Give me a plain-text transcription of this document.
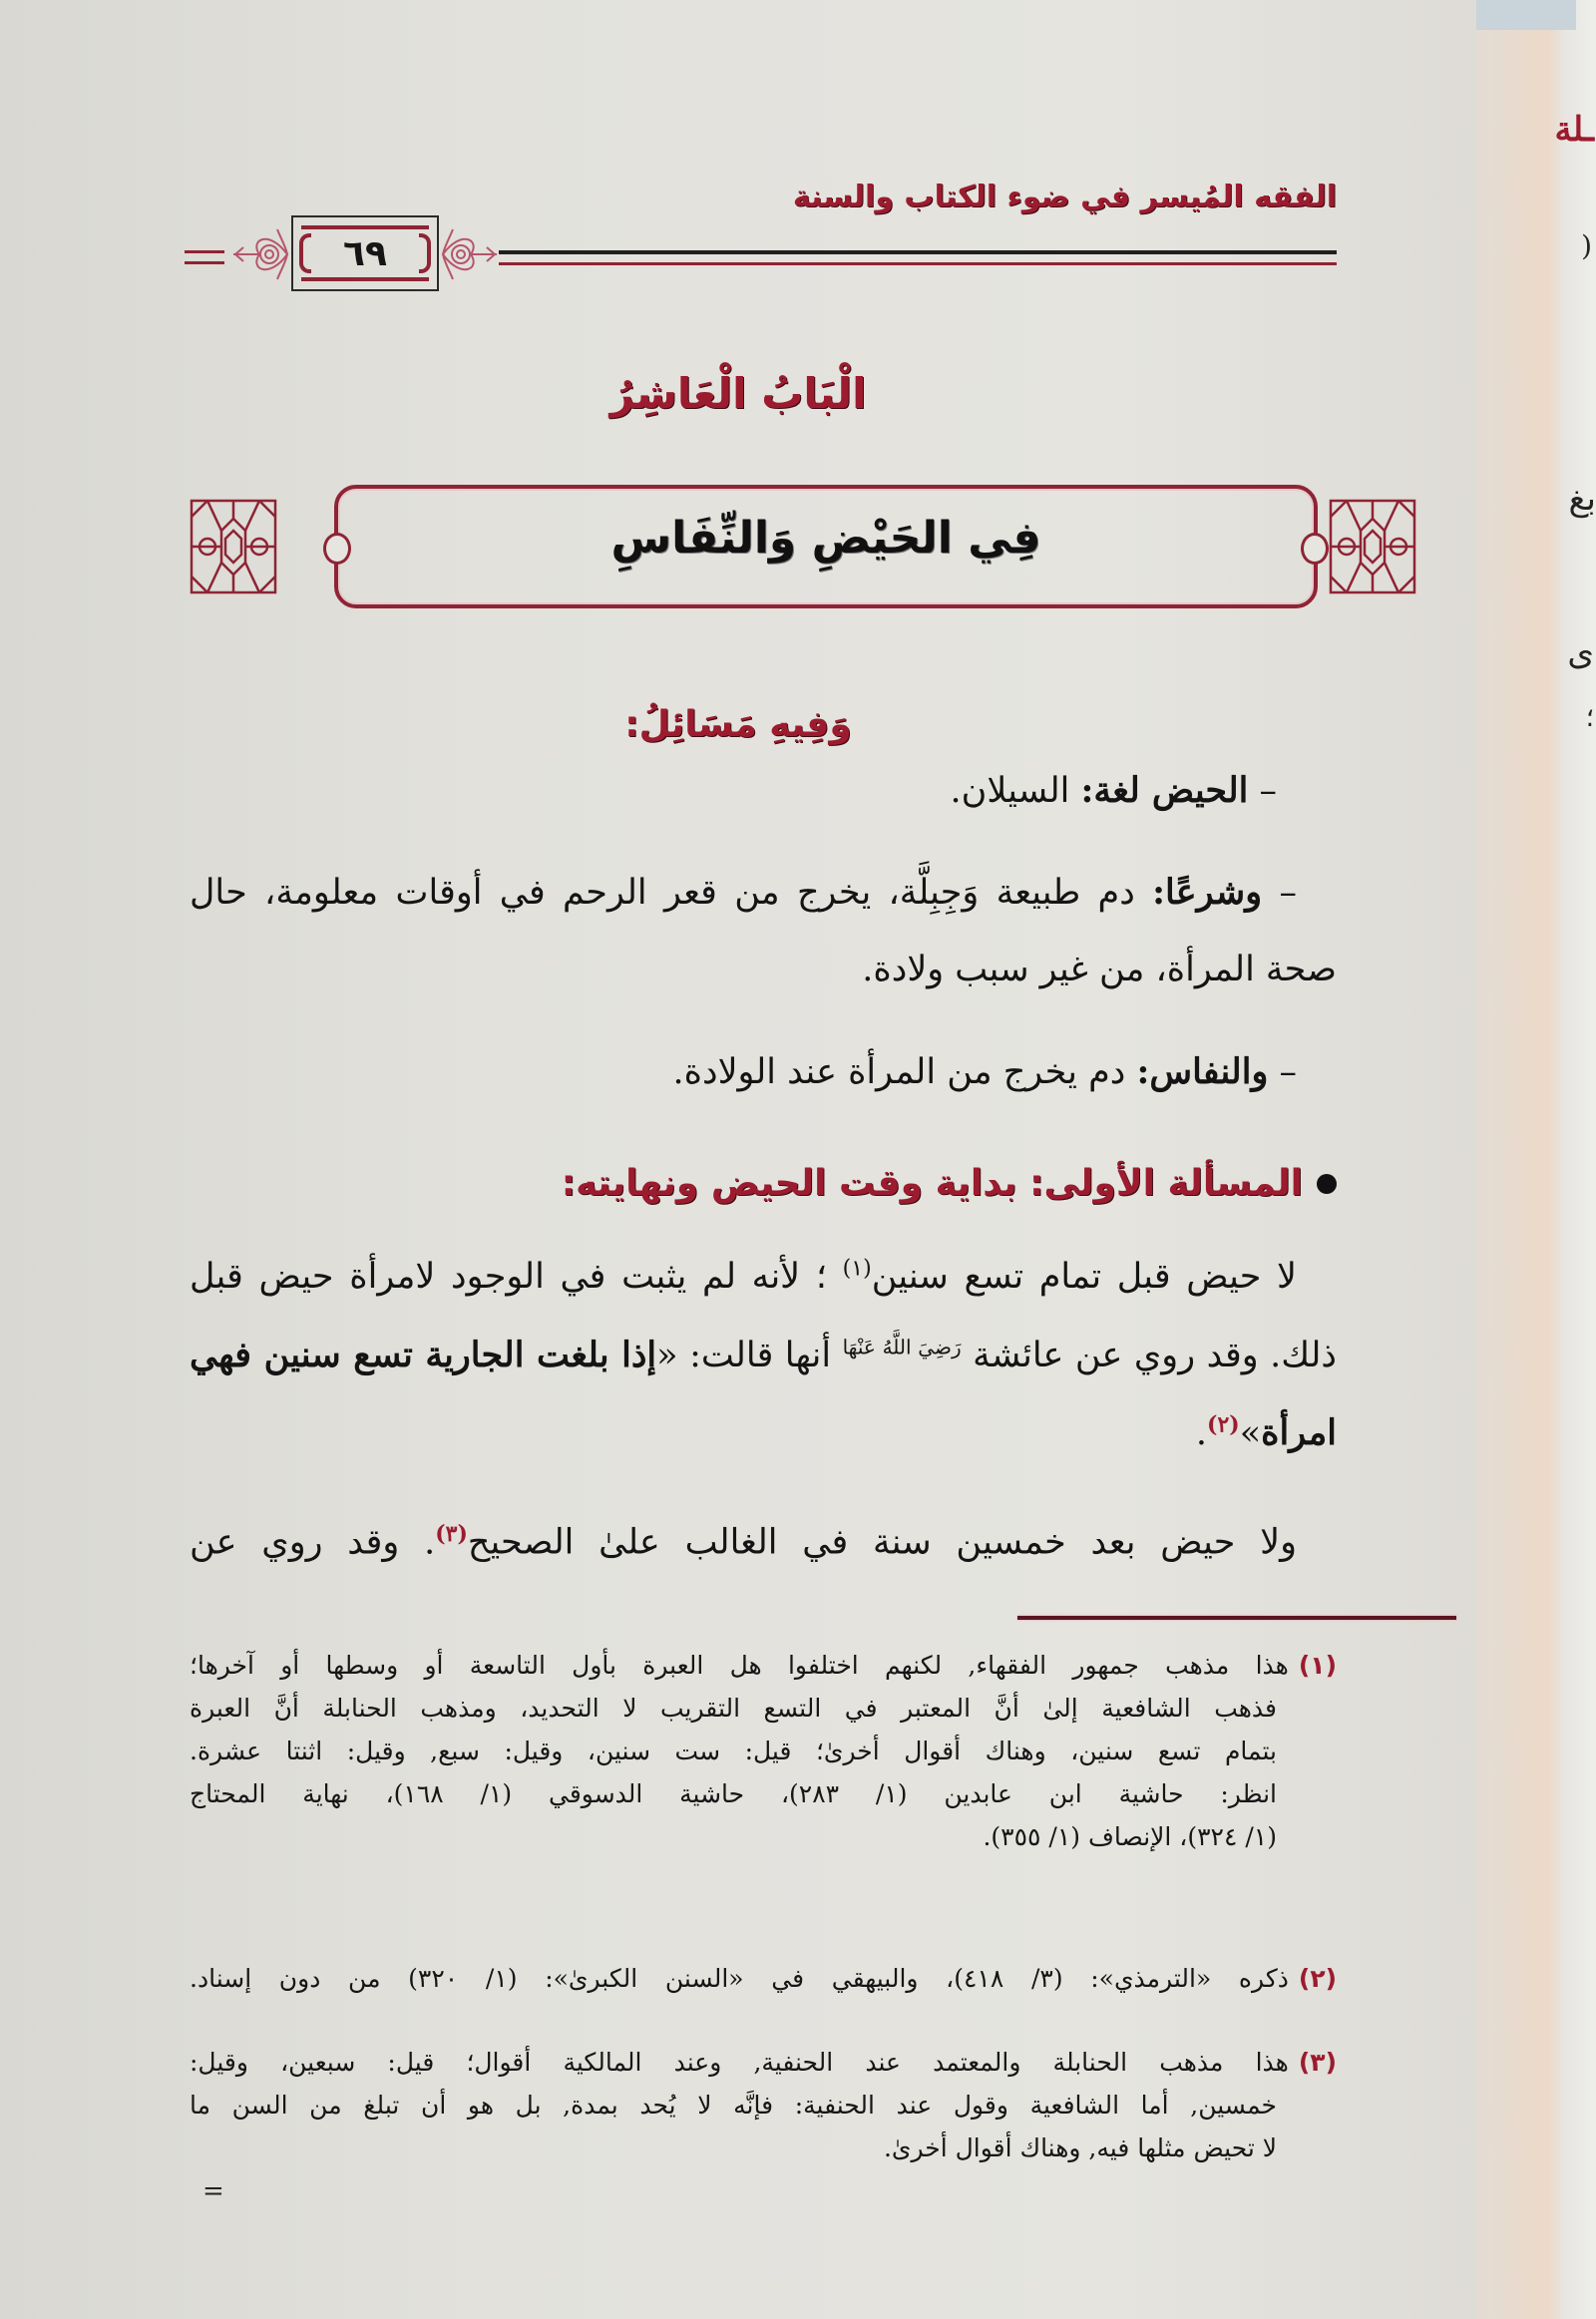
ـلة
(
بغ
ى
؛
الفقه المُيسر في ضوء الكتاب والسنة
٦٩
الْبَابُ الْعَاشِرُ
فِي الحَيْضِ وَالنِّفَاسِ
وَفِيهِ مَسَائِلُ:
– الحيض لغة: السيلان.
– وشرعًا: دم طبيعة وَجِبِلَّة، يخرج من قعر الرحم في أوقات معلومة، حال
صحة المرأة، من غير سبب ولادة.
– والنفاس: دم يخرج من المرأة عند الولادة.
المسألة الأولى: بداية وقت الحيض ونهايته:
لا حيض قبل تمام تسع سنين$^{(١)}$ ؛ لأنه لم يثبت في الوجود لامرأة حيض قبل
ذلك. وقد روي عن عائشة $^{رَضِيَ اللَّهُ عَنْهَا}$ أنها قالت: «إذا بلغت الجارية تسع سنين فهي
امرأة»$^{(٢)}$.
ولا حيض بعد خمسين سنة في الغالب علىٰ الصحيح$^{(٣)}$. وقد روي عن
(١)هذا مذهب جمهور الفقهاء, لكنهم اختلفوا هل العبرة بأول التاسعة أو وسطها أو آخرها؛
فذهب الشافعية إلىٰ أنَّ المعتبر في التسع التقريب لا التحديد، ومذهب الحنابلة أنَّ العبرة
بتمام تسع سنين، وهناك أقوال أخرىٰ؛ قيل: ست سنين، وقيل: سبع, وقيل: اثنتا عشرة.
انظر: حاشية ابن عابدين (١/ ٢٨٣)، حاشية الدسوقي (١/ ١٦٨)، نهاية المحتاج
(١/ ٣٢٤)، الإنصاف (١/ ٣٥٥).
(٢)ذكره «الترمذي»: (٣/ ٤١٨)، والبيهقي في «السنن الكبرىٰ»: (١/ ٣٢٠) من دون إسناد.
(٣)هذا مذهب الحنابلة والمعتمد عند الحنفية, وعند المالكية أقوال؛ قيل: سبعين، وقيل:
خمسين, أما الشافعية وقول عند الحنفية: فإنَّه لا يُحد بمدة, بل هو أن تبلغ من السن ما
لا تحيض مثلها فيه, وهناك أقوال أخرىٰ.
=
